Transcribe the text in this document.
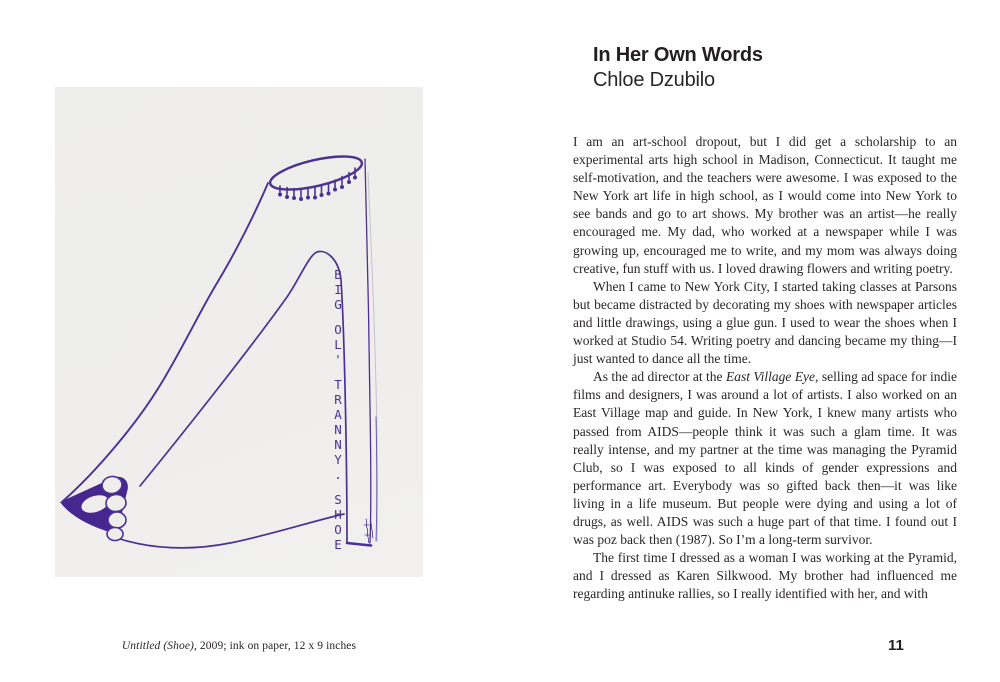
B I G O L ' T R A N N Y . S H O E
Untitled (Shoe), 2009; ink on paper, 12 x 9 inches
In Her Own Words
Chloe Dzubilo

I am an art-school dropout, but I did get a scholarship to an experimental arts high school in Madison, Connecticut. It taught me self-motivation, and the teachers were awesome. I was exposed to the New York art life in high school, as I would come into New York to see bands and go to art shows. My brother was an artist—he really encouraged me. My dad, who worked at a newspaper while I was growing up, encouraged me to write, and my mom was always doing creative, fun stuff with us. I loved drawing flowers and writing poetry.

When I came to New York City, I started taking classes at Parsons but became distracted by decorating my shoes with newspaper articles and little drawings, using a glue gun. I used to wear the shoes when I worked at Studio 54. Writing poetry and dancing became my thing—I just wanted to dance all the time.

As the ad director at the East Village Eye, selling ad space for indie films and designers, I was around a lot of artists. I also worked on an East Village map and guide. In New York, I knew many artists who passed from AIDS—people think it was such a glam time. It was really intense, and my partner at the time was managing the Pyramid Club, so I was exposed to all kinds of gender expressions and performance art. Everybody was so gifted back then—it was like living in a life museum. But people were dying and using a lot of drugs, as well. AIDS was such a huge part of that time. I found out I was poz back then (1987). So I’m a long-term survivor.

The first time I dressed as a woman I was working at the Pyramid, and I dressed as Karen Silkwood. My brother had influenced me regarding antinuke rallies, so I really identified with her, and with

11
